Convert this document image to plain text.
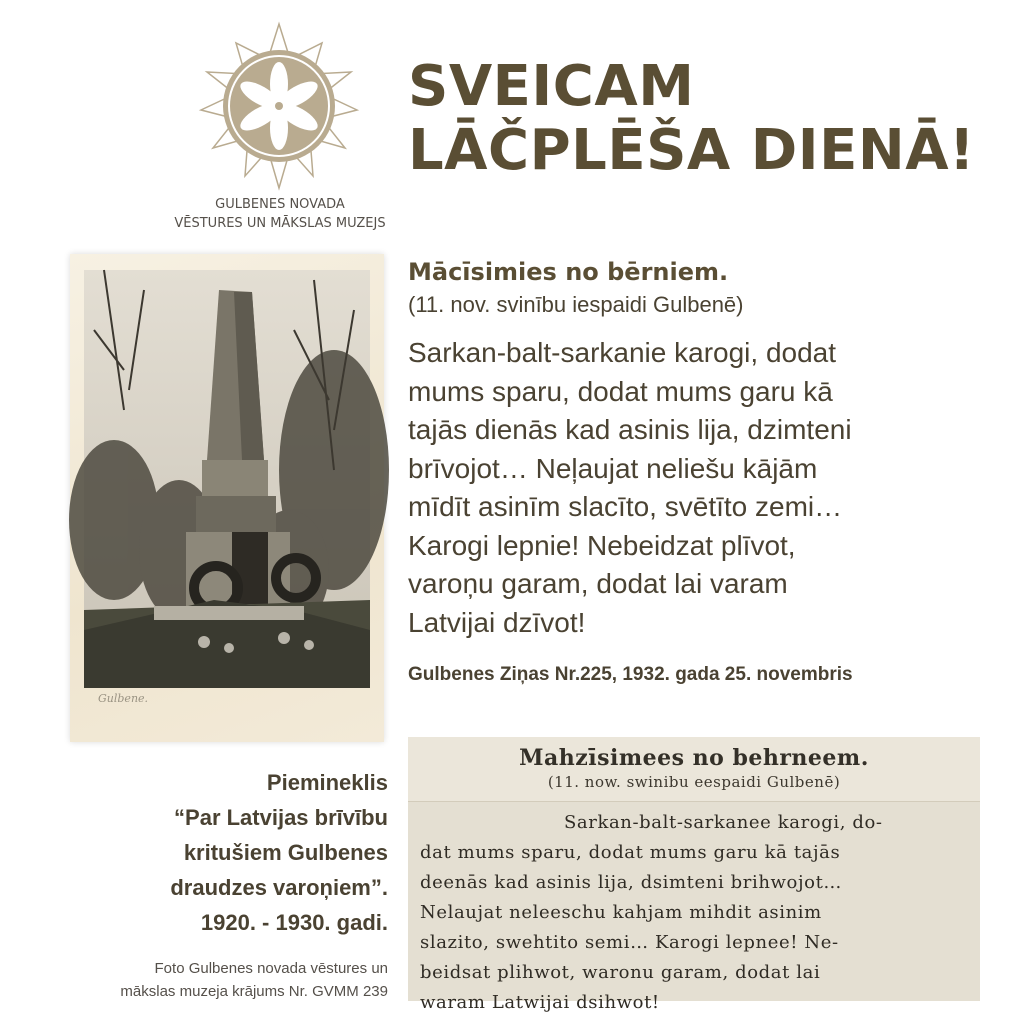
GULBENES NOVADA
VĒSTURES UN MĀKSLAS MUZEJS
SVEICAM
LĀČPLĒŠA DIENĀ!
Gulbene.
Mācīsimies no bērniem.
(11. nov. svinību iespaidi Gulbenē)
Sarkan-balt-sarkanie karogi, dodat
mums sparu, dodat mums garu kā
tajās dienās kad asinis lija, dzimteni
brīvojot… Neļaujat neliešu kājām
mīdīt asinīm slacīto, svētīto zemi…
Karogi lepnie! Nebeidzat plīvot,
varoņu garam, dodat lai varam
Latvijai dzīvot!
Gulbenes Ziņas Nr.225, 1932. gada 25. novembris
Mahzīsimees no behrneem.
(11. now. swinibu eespaidi Gulbenē)
Sarkan-balt-sarkanee karogi, do-
dat mums sparu, dodat mums garu kā tajās
deenās kad asinis lija, dsimteni brihwojot…
Nelaujat neleeschu kahjam mihdit asinim
slazito, swehtito semi… Karogi lepnee! Ne-
beidsat plihwot, waronu garam, dodat lai
waram Latwijai dsihwot!
Piemineklis
“Par Latvijas brīvību
kritušiem Gulbenes
draudzes varoņiem”.
1920. - 1930. gadi.
Foto Gulbenes novada vēstures un
mākslas muzeja krājums Nr. GVMM 239
